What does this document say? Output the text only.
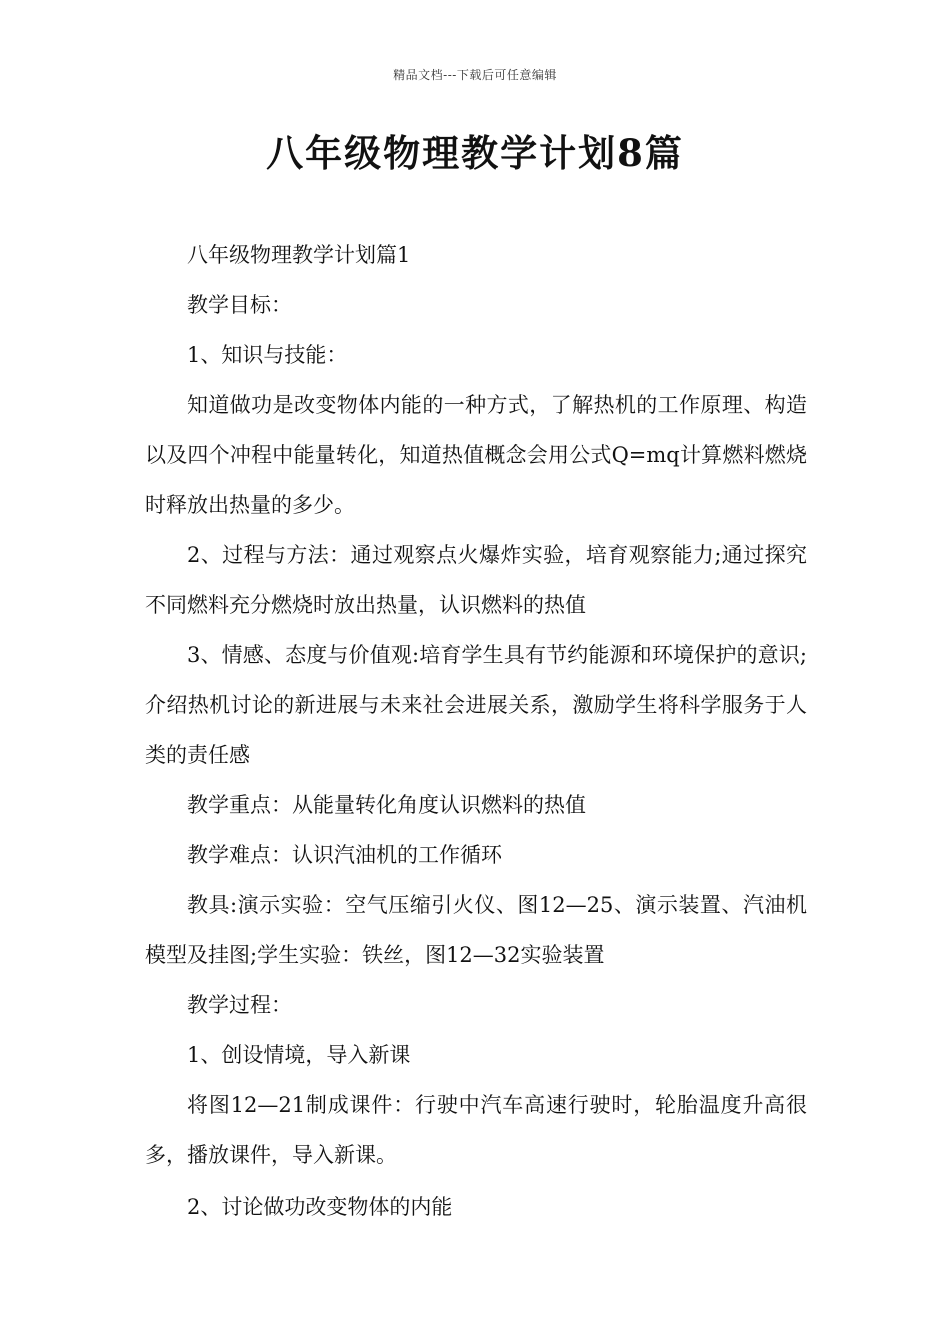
精品文档---下载后可任意编辑
八年级物理教学计划8篇

八年级物理教学计划篇1

教学目标：

1、知识与技能：

知道做功是改变物体内能的一种方式，了解热机的工作原理、构造以及四个冲程中能量转化，知道热值概念会用公式Q=mq计算燃料燃烧时释放出热量的多少。

2、过程与方法：通过观察点火爆炸实验，培育观察能力;通过探究不同燃料充分燃烧时放出热量，认识燃料的热值

3、情感、态度与价值观:培育学生具有节约能源和环境保护的意识;介绍热机讨论的新进展与未来社会进展关系，激励学生将科学服务于人类的责任感

教学重点：从能量转化角度认识燃料的热值

教学难点：认识汽油机的工作循环

教具:演示实验：空气压缩引火仪、图12—25、演示装置、汽油机模型及挂图;学生实验：铁丝，图12—32实验装置

教学过程：

1、创设情境，导入新课

将图12—21制成课件：行驶中汽车高速行驶时，轮胎温度升高很多，播放课件，导入新课。

2、讨论做功改变物体的内能
